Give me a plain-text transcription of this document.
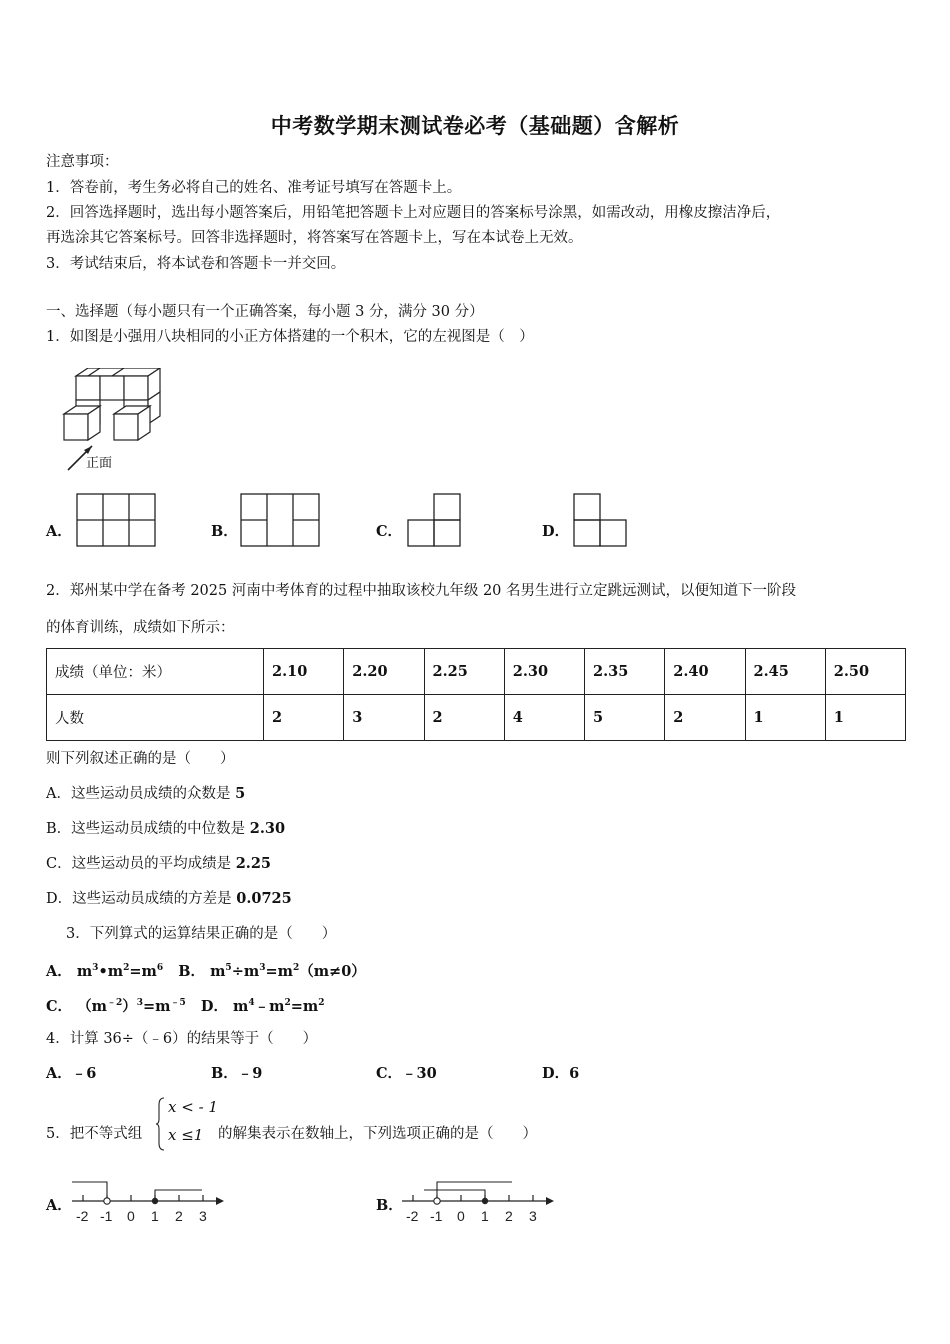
中考数学期末测试卷必考（基础题）含解析
注意事项：
1．答卷前，考生务必将自己的姓名、准考证号填写在答题卡上。
2．回答选择题时，选出每小题答案后，用铅笔把答题卡上对应题目的答案标号涂黑，如需改动，用橡皮擦洁净后，
再选涂其它答案标号。回答非选择题时，将答案写在答题卡上，写在本试卷上无效。
3．考试结束后，将本试卷和答题卡一并交回。
一、选择题（每小题只有一个正确答案，每小题 3 分，满分 30 分）
1．如图是小强用八块相同的小正方体搭建的一个积木，它的左视图是（　）
正面
A．	B．	C．	D．
2．郑州某中学在备考 2025 河南中考体育的过程中抽取该校九年级 20 名男生进行立定跳远测试，以便知道下一阶段
的体育训练，成绩如下所示：
成绩（单位：米）	2.10	2.20	2.25	2.30	2.35	2.40	2.45	2.50
人数	2	3	2	4	5	2	1	1
则下列叙述正确的是（　　）
A．这些运动员成绩的众数是 5
B．这些运动员成绩的中位数是 2.30
C．这些运动员的平均成绩是 2.25
D．这些运动员成绩的方差是 0.0725
3．下列算式的运算结果正确的是（　　）
A． $m^3•m^2=m^6$ B． $m^5\div m^3=m^2(m\ne 0)$
C． $(m^{﹣2})^3=m^{﹣5}$ D． $m^4﹣m^2=m^2$
4．计算 36÷（﹣6）的结果等于（　　）
A．﹣6	B．﹣9	C．﹣30	D．6
5．把不等式组
x < - 1
x ≤1 的解集表示在数轴上，下列选项正确的是（　　）
A．
-2 -1 0 1 2 3
B．
-2 -1 0 1 2 3
